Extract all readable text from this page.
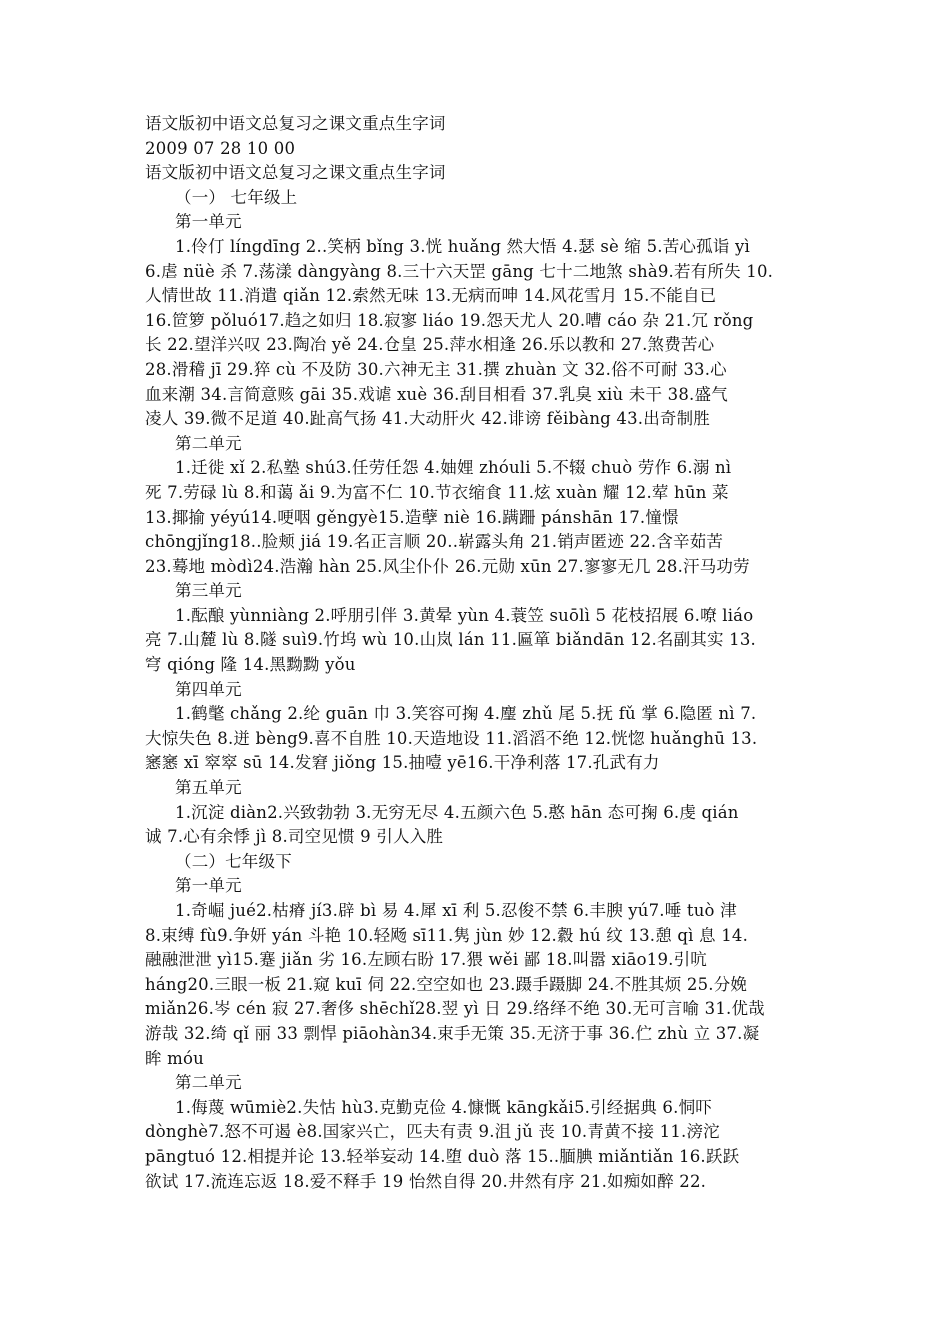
语文版初中语文总复习之课文重点生字词
2009 07 28 10 00
语文版初中语文总复习之课文重点生字词
（一） 七年级上
第一单元
1.伶仃 língdīng 2..笑柄 bǐng 3.恍 huǎng 然大悟 4.瑟 sè 缩 5.苦心孤诣 yì
6.虐 nüè 杀 7.荡漾 dàngyàng 8.三十六天罡 gāng 七十二地煞 shà9.若有所失 10.
人情世故 11.消遣 qiǎn 12.索然无味 13.无病而呻 14.风花雪月 15.不能自已
16.笸箩 pǒluó17.趋之如归 18.寂寥 liáo 19.怨天尤人 20.嘈 cáo 杂 21.冗 rǒng
长 22.望洋兴叹 23.陶冶 yě 24.仓皇 25.萍水相逢 26.乐以教和 27.煞费苦心
28.滑稽 jī 29.猝 cù 不及防 30.六神无主 31.撰 zhuàn 文 32.俗不可耐 33.心
血来潮 34.言简意赅 gāi 35.戏谑 xuè 36.刮目相看 37.乳臭 xiù 未干 38.盛气
凌人 39.微不足道 40.趾高气扬 41.大动肝火 42.诽谤 fěibàng 43.出奇制胜
第二单元
1.迁徙 xǐ 2.私塾 shú3.任劳任怨 4.妯娌 zhóuli 5.不辍 chuò 劳作 6.溺 nì
死 7.劳碌 lù 8.和蔼 ǎi 9.为富不仁 10.节衣缩食 11.炫 xuàn 耀 12.荤 hūn 菜
13.揶揄 yéyú14.哽咽 gěngyè15.造孽 niè 16.蹒跚 pánshān 17.憧憬
chōngjǐng18..脸颊 jiá 19.名正言顺 20..崭露头角 21.销声匿迹 22.含辛茹苦
23.蓦地 mòdì24.浩瀚 hàn 25.风尘仆仆 26.元勋 xūn 27.寥寥无几 28.汗马功劳
第三单元
1.酝酿 yùnniàng 2.呼朋引伴 3.黄晕 yùn 4.蓑笠 suōlì 5 花枝招展 6.嘹 liáo
亮 7.山麓 lù 8.隧 suì9.竹坞 wù 10.山岚 lán 11.匾箪 biǎndān 12.名副其实 13.
穹 qióng 隆 14.黑黝黝 yǒu
第四单元
1.鹤氅 chǎng 2.纶 guān 巾 3.笑容可掬 4.麈 zhǔ 尾 5.抚 fǔ 掌 6.隐匿 nì 7.
大惊失色 8.迸 bèng9.喜不自胜 10.天造地设 11.滔滔不绝 12.恍惚 huǎnghū 13.
窸窸 xī 窣窣 sū 14.发窘 jiǒng 15.抽噎 yē16.干净利落 17.孔武有力
第五单元
1.沉淀 diàn2.兴致勃勃 3.无穷无尽 4.五颜六色 5.憨 hān 态可掬 6.虔 qián
诚 7.心有余悸 jì 8.司空见惯 9 引人入胜
（二）七年级下
第一单元
1.奇崛 jué2.枯瘠 jí3.辟 bì 易 4.犀 xī 利 5.忍俊不禁 6.丰腴 yú7.唾 tuò 津
8.束缚 fù9.争妍 yán 斗艳 10.轻飏 sī11.隽 jùn 妙 12.縠 hú 纹 13.憩 qì 息 14.
融融泄泄 yì15.蹇 jiǎn 劣 16.左顾右盼 17.猥 wěi 鄙 18.叫嚣 xiāo19.引吭
háng20.三眼一板 21.窥 kuī 伺 22.空空如也 23.蹑手蹑脚 24.不胜其烦 25.分娩
miǎn26.岑 cén 寂 27.奢侈 shēchǐ28.翌 yì 日 29.络绎不绝 30.无可言喻 31.优哉
游哉 32.绮 qǐ 丽 33 剽悍 piāohàn34.束手无策 35.无济于事 36.伫 zhù 立 37.凝
眸 móu
第二单元
1.侮蔑 wūmiè2.失怙 hù3.克勤克俭 4.慷慨 kāngkǎi5.引经据典 6.恫吓
dònghè7.怒不可遏 è8.国家兴亡，匹夫有责 9.沮 jǔ 丧 10.青黄不接 11.滂沱
pāngtuó 12.相提并论 13.轻举妄动 14.堕 duò 落 15..腼腆 miǎntiǎn 16.跃跃
欲试 17.流连忘返 18.爱不释手 19 怡然自得 20.井然有序 21.如痴如醉 22.
